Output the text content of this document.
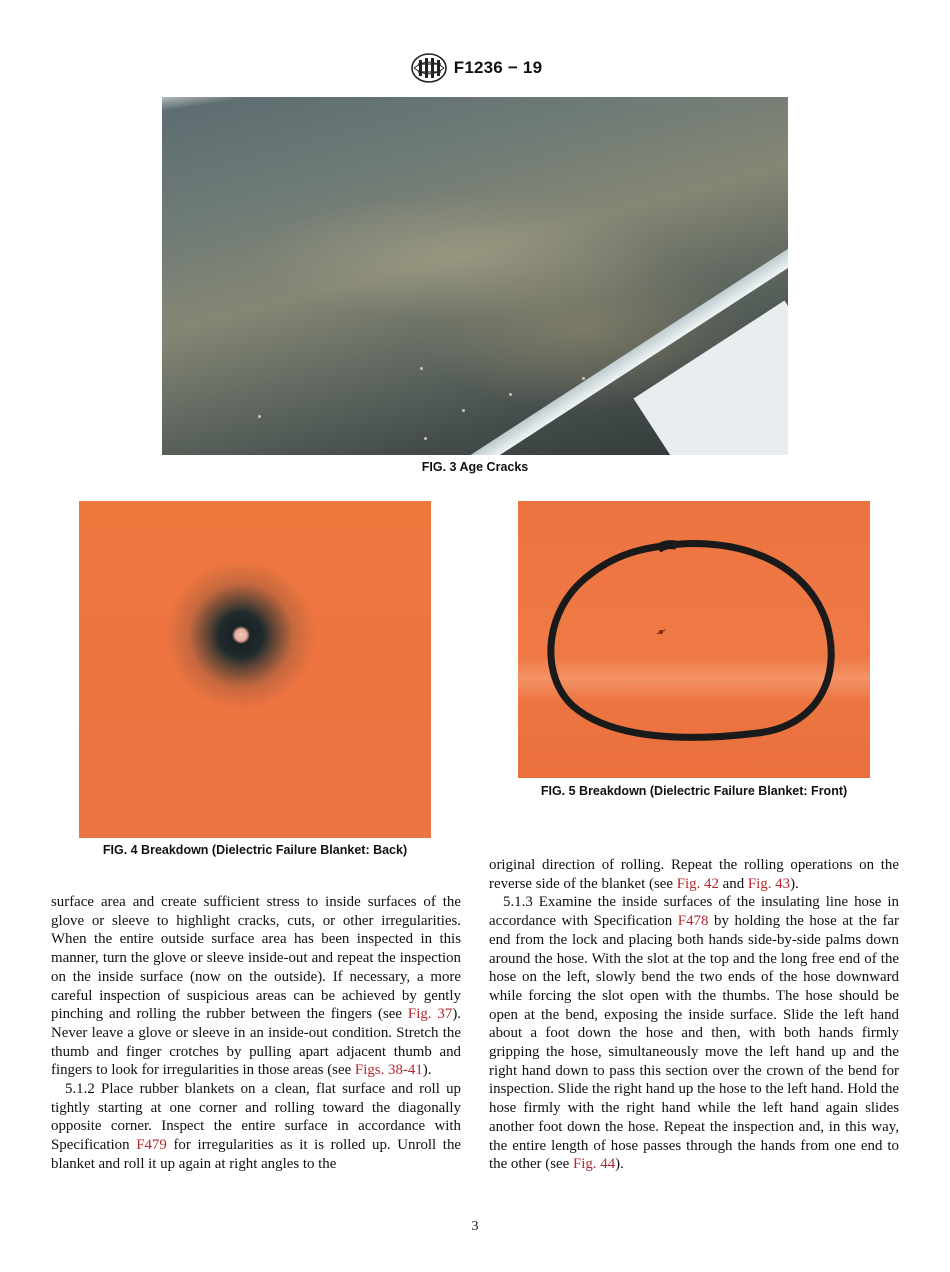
F1236 − 19
FIG. 3 Age Cracks
FIG. 4 Breakdown (Dielectric Failure Blanket: Back)
FIG. 5 Breakdown (Dielectric Failure Blanket: Front)

original direction of rolling. Repeat the rolling operations on the reverse side of the blanket (see Fig. 42 and Fig. 43).

5.1.3 Examine the inside surfaces of the insulating line hose in accordance with Specification F478 by holding the hose at the far end from the lock and placing both hands side-by-side palms down around the hose. With the slot at the top and the long free end of the hose on the left, slowly bend the two ends of the hose downward while forcing the slot open with the thumbs. The hose should be open at the bend, exposing the inside surface. Slide the left hand about a foot down the hose and then, with both hands firmly gripping the hose, simultaneously move the left hand up and the right hand down to pass this section over the crown of the bend for inspection. Slide the right hand up the hose to the left hand. Hold the hose firmly with the right hand while the left hand again slides another foot down the hose. Repeat the inspection and, in this way, the entire length of hose passes through the hands from one end to the other (see Fig. 44).

surface area and create sufficient stress to inside surfaces of the glove or sleeve to highlight cracks, cuts, or other irregularities. When the entire outside surface area has been inspected in this manner, turn the glove or sleeve inside-out and repeat the inspection on the inside surface (now on the outside). If necessary, a more careful inspection of suspicious areas can be achieved by gently pinching and rolling the rubber between the fingers (see Fig. 37). Never leave a glove or sleeve in an inside-out condition. Stretch the thumb and finger crotches by pulling apart adjacent thumb and fingers to look for irregularities in those areas (see Figs. 38-41).

5.1.2 Place rubber blankets on a clean, flat surface and roll up tightly starting at one corner and rolling toward the diagonally opposite corner. Inspect the entire surface in accordance with Specification F479 for irregularities as it is rolled up. Unroll the blanket and roll it up again at right angles to the

3
